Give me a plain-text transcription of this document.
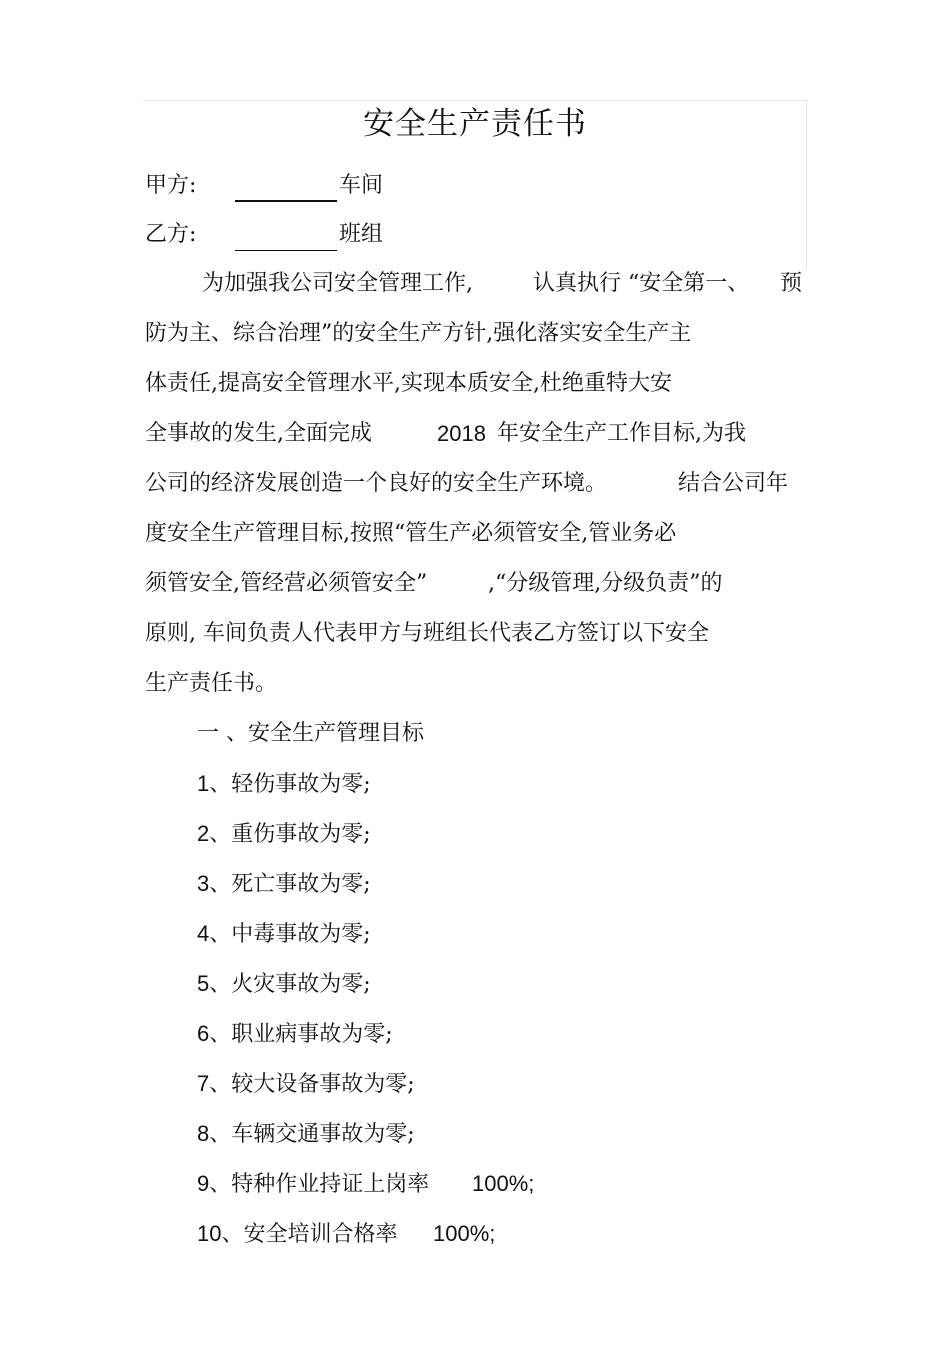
安全生产责任书
甲方:	车间
乙方:	班组
为加强我公司安全管理工作,	认真执行 “安全第一、 预
防为主、综合治理”的安全生产方针,强化落实安全生产主
体责任,提高安全管理水平,实现本质安全,杜绝重特大安
全事故的发生,全面完成	2018 年安全生产工作目标,为我
公司的经济发展创造一个良好的安全生产环境。	结合公司年
度安全生产管理目标,按照“管生产必须管安全,管业务必
须管安全,管经营必须管安全”	,“分级管理,分级负责”的
原则, 车间负责人代表甲方与班组长代表乙方签订以下安全
生产责任书。
一 、安全生产管理目标
1、轻伤事故为零;
2、重伤事故为零;
3、死亡事故为零;
4、中毒事故为零;
5、火灾事故为零;
6、职业病事故为零;
7、较大设备事故为零;
8、车辆交通事故为零;
9、特种作业持证上岗率 100%;
10、安全培训合格率 100%;
